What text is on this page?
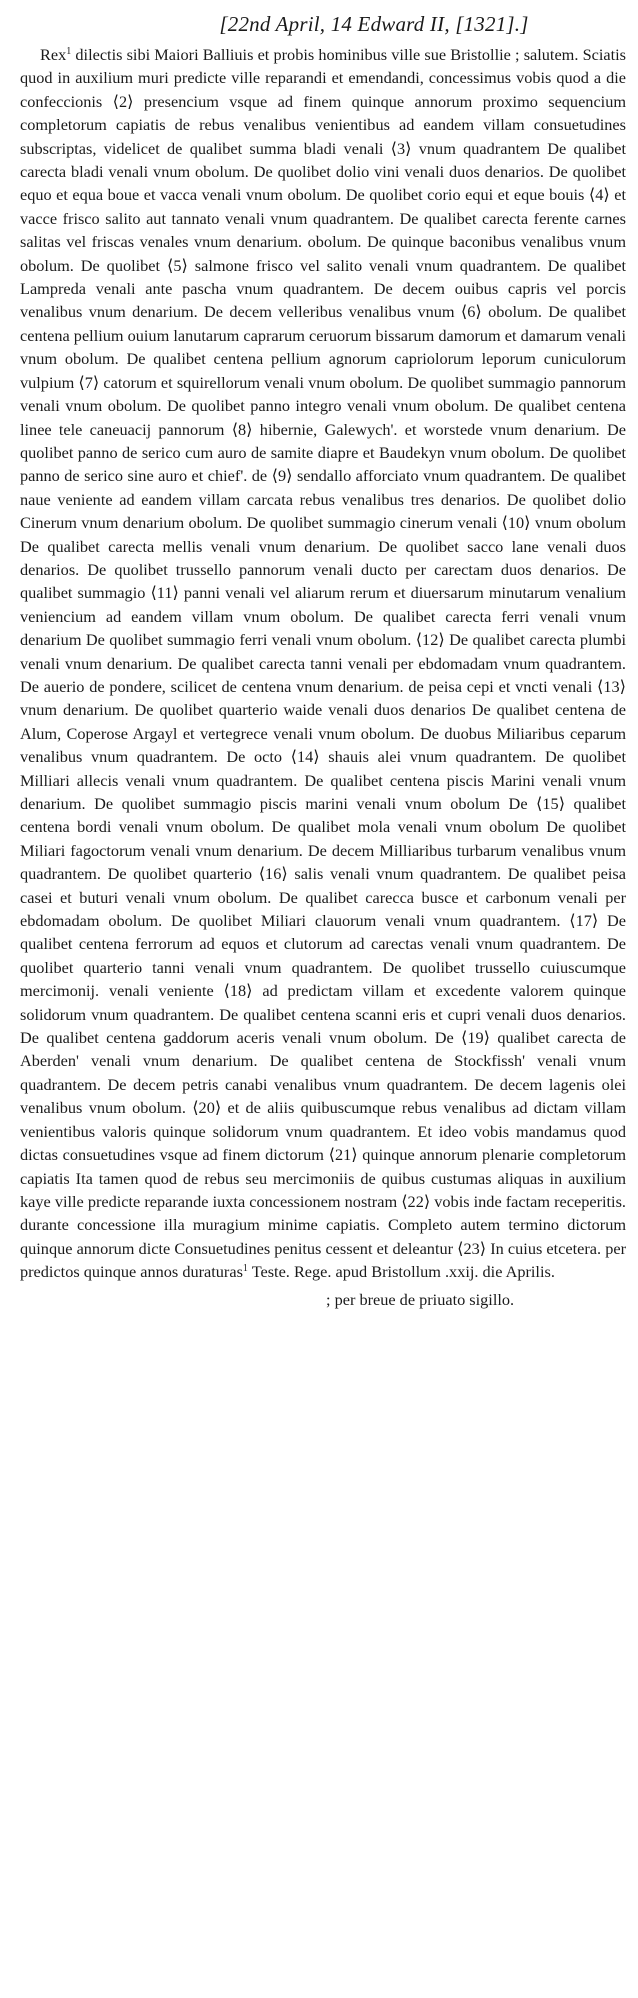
[22nd April, 14 Edward II, [1321].]

Rex$^1$ dilectis sibi Maiori Balliuis et probis hominibus ville sue Bristollie ; salutem. Sciatis quod in auxilium muri predicte ville reparandi et emendandi, concessimus vobis quod a die confeccionis ⟨2⟩ presencium vsque ad finem quinque annorum proximo sequencium completorum capiatis de rebus venalibus venientibus ad eandem villam consuetudines subscriptas, videlicet de qualibet summa bladi venali ⟨3⟩ vnum quadrantem De qualibet carecta bladi venali vnum obolum. De quolibet dolio vini venali duos denarios. De quolibet equo et equa boue et vacca venali vnum obolum. De quolibet corio equi et eque bouis ⟨4⟩ et vacce frisco salito aut tannato venali vnum quadrantem. De qualibet carecta ferente carnes salitas vel friscas venales vnum denarium. obolum. De quinque baconibus venalibus vnum obolum. De quolibet ⟨5⟩ salmone frisco vel salito venali vnum quadrantem. De qualibet Lampreda venali ante pascha vnum quadrantem. De decem ouibus capris vel porcis venalibus vnum denarium. De decem velleribus venalibus vnum ⟨6⟩ obolum. De qualibet centena pellium ouium lanutarum caprarum ceruorum bissarum damorum et damarum venali vnum obolum. De qualibet centena pellium agnorum capriolorum leporum cuniculorum vulpium ⟨7⟩ catorum et squirellorum venali vnum obolum. De quolibet summagio pannorum venali vnum obolum. De quolibet panno integro venali vnum obolum. De qualibet centena linee tele caneuacij pannorum ⟨8⟩ hibernie, Galewych'. et worstede vnum denarium. De quolibet panno de serico cum auro de samite diapre et Baudekyn vnum obolum. De quolibet panno de serico sine auro et chief'. de ⟨9⟩ sendallo afforciato vnum quadrantem. De qualibet naue veniente ad eandem villam carcata rebus venalibus tres denarios. De quolibet dolio Cinerum vnum denarium obolum. De quolibet summagio cinerum venali ⟨10⟩ vnum obolum De qualibet carecta mellis venali vnum denarium. De quolibet sacco lane venali duos denarios. De quolibet trussello pannorum venali ducto per carectam duos denarios. De qualibet summagio ⟨11⟩ panni venali vel aliarum rerum et diuersarum minutarum venalium veniencium ad eandem villam vnum obolum. De qualibet carecta ferri venali vnum denarium De quolibet summagio ferri venali vnum obolum. ⟨12⟩ De qualibet carecta plumbi venali vnum denarium. De qualibet carecta tanni venali per ebdomadam vnum quadrantem. De auerio de pondere, scilicet de centena vnum denarium. de peisa cepi et vncti venali ⟨13⟩ vnum denarium. De quolibet quarterio waide venali duos denarios De qualibet centena de Alum, Coperose Argayl et vertegrece venali vnum obolum. De duobus Miliaribus ceparum venalibus vnum quadrantem. De octo ⟨14⟩ shauis alei vnum quadrantem. De quolibet Milliari allecis venali vnum quadrantem. De qualibet centena piscis Marini venali vnum denarium. De quolibet summagio piscis marini venali vnum obolum De ⟨15⟩ qualibet centena bordi venali vnum obolum. De qualibet mola venali vnum obolum De quolibet Miliari fagoctorum venali vnum denarium. De decem Milliaribus turbarum venalibus vnum quadrantem. De quolibet quarterio ⟨16⟩ salis venali vnum quadrantem. De qualibet peisa casei et buturi venali vnum obolum. De qualibet carecca busce et carbonum venali per ebdomadam obolum. De quolibet Miliari clauorum venali vnum quadrantem. ⟨17⟩ De qualibet centena ferrorum ad equos et clutorum ad carectas venali vnum quadrantem. De quolibet quarterio tanni venali vnum quadrantem. De quolibet trussello cuiuscumque mercimonij. venali veniente ⟨18⟩ ad predictam villam et excedente valorem quinque solidorum vnum quadrantem. De qualibet centena scanni eris et cupri venali duos denarios. De qualibet centena gaddorum aceris venali vnum obolum. De ⟨19⟩ qualibet carecta de Aberden' venali vnum denarium. De qualibet centena de Stockfissh' venali vnum quadrantem. De decem petris canabi venalibus vnum quadrantem. De decem lagenis olei venalibus vnum obolum. ⟨20⟩ et de aliis quibuscumque rebus venalibus ad dictam villam venientibus valoris quinque solidorum vnum quadrantem. Et ideo vobis mandamus quod dictas consuetudines vsque ad finem dictorum ⟨21⟩ quinque annorum plenarie completorum capiatis Ita tamen quod de rebus seu mercimoniis de quibus custumas aliquas in auxilium kaye ville predicte reparande iuxta concessionem nostram ⟨22⟩ vobis inde factam receperitis. durante concessione illa muragium minime capiatis. Completo autem termino dictorum quinque annorum dicte Consuetudines penitus cessent et deleantur ⟨23⟩ In cuius etcetera. per predictos quinque annos duraturas$^1$ Teste. Rege. apud Bristollum .xxij. die Aprilis.

; per breue de priuato sigillo.
